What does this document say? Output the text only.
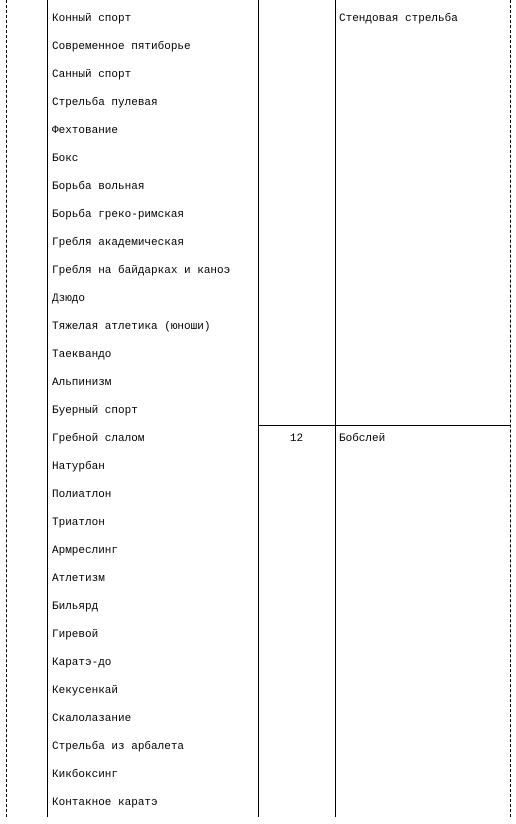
Конный спорт
Современное пятиборье
Санный спорт
Стрельба пулевая
Фехтование
Бокс
Борьба вольная
Борьба греко-римская
Гребля академическая
Гребля на байдарках и каноэ
Дзюдо
Тяжелая атлетика (юноши)
Таеквандо
Альпинизм
Буерный спорт
Гребной слалом
Натурбан
Полиатлон
Триатлон
Армреслинг
Атлетизм
Бильярд
Гиревой
Каратэ-до
Кекусенкай
Скалолазание
Стрельба из арбалета
Кикбоксинг
Контакное каратэ
Стендовая стрельба
12	Бобслей
